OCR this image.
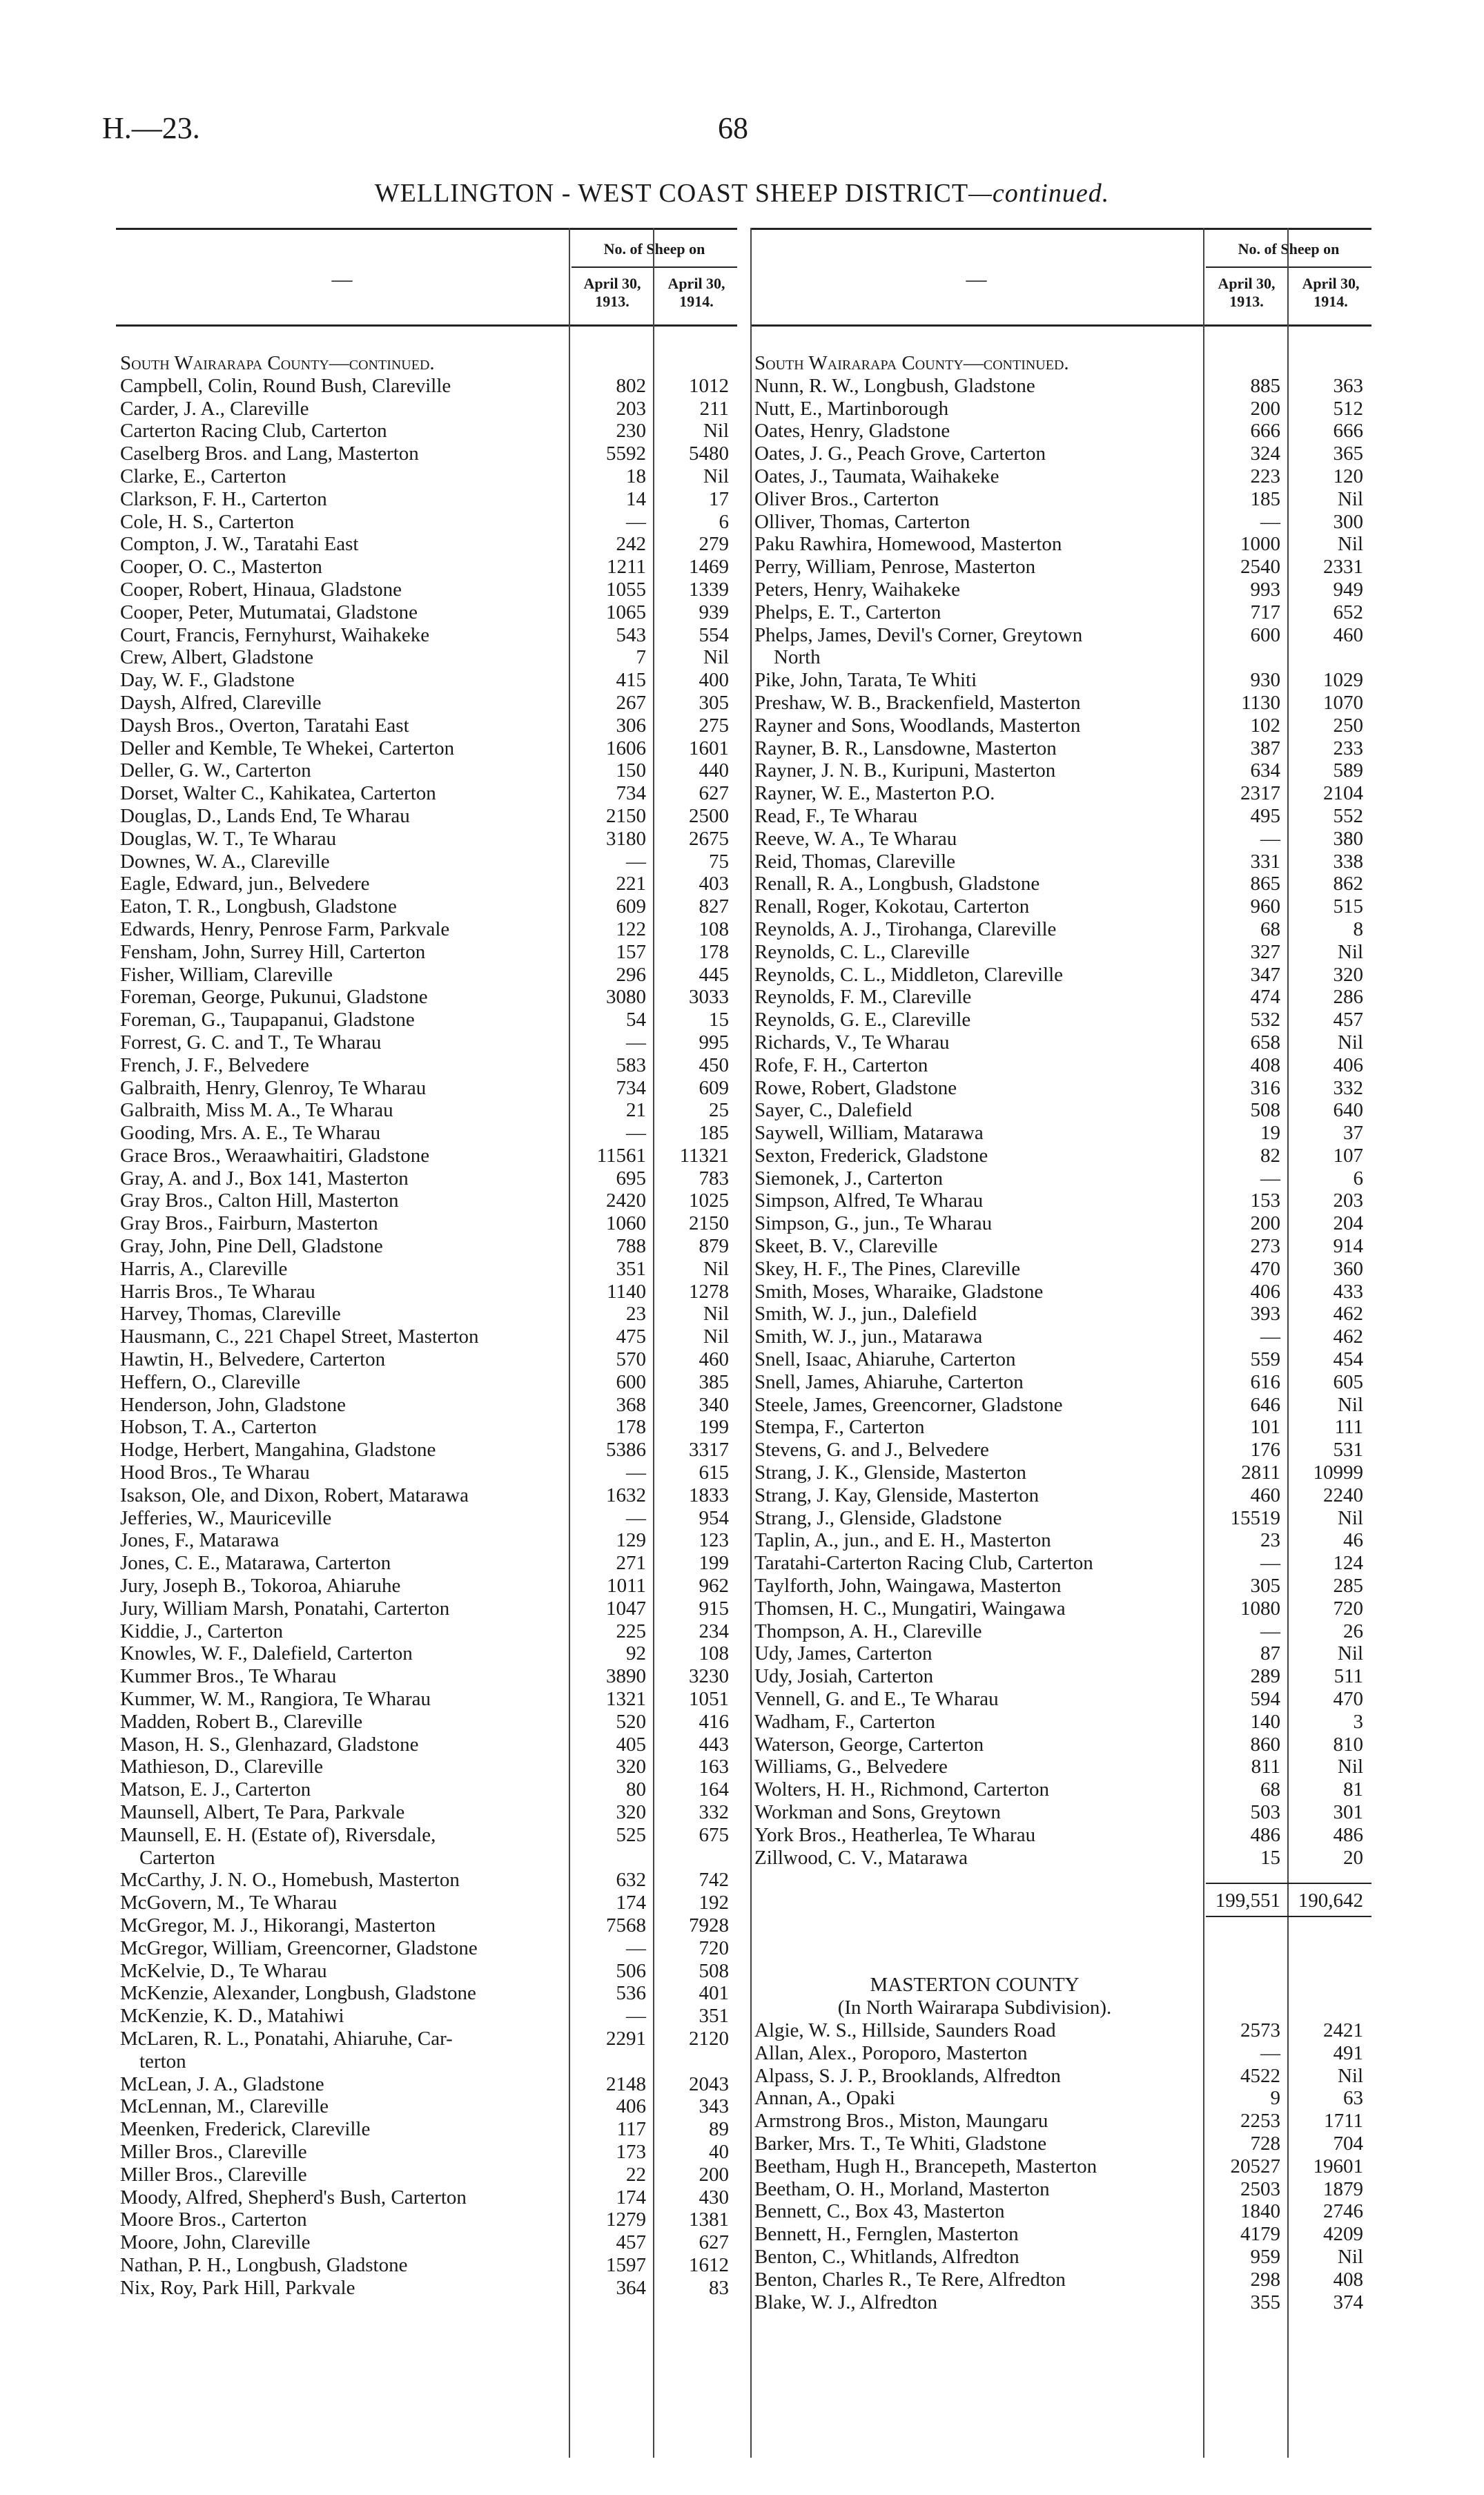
H.—23.	68
WELLINGTON - WEST COAST SHEEP DISTRICT—continued.
—
No. of Sheep on
April 30, 1913.
April 30, 1914.
South Wairarapa County—continued.
Campbell, Colin, Round Bush, Clareville	802	1012
Carder, J. A., Clareville	203	211
Carterton Racing Club, Carterton	230	Nil
Caselberg Bros. and Lang, Masterton	5592	5480
Clarke, E., Carterton	18	Nil
Clarkson, F. H., Carterton	14	17
Cole, H. S., Carterton	—	6
Compton, J. W., Taratahi East	242	279
Cooper, O. C., Masterton	1211	1469
Cooper, Robert, Hinaua, Gladstone	1055	1339
Cooper, Peter, Mutumatai, Gladstone	1065	939
Court, Francis, Fernyhurst, Waihakeke	543	554
Crew, Albert, Gladstone	7	Nil
Day, W. F., Gladstone	415	400
Daysh, Alfred, Clareville	267	305
Daysh Bros., Overton, Taratahi East	306	275
Deller and Kemble, Te Whekei, Carterton	1606	1601
Deller, G. W., Carterton	150	440
Dorset, Walter C., Kahikatea, Carterton	734	627
Douglas, D., Lands End, Te Wharau	2150	2500
Douglas, W. T., Te Wharau	3180	2675
Downes, W. A., Clareville	—	75
Eagle, Edward, jun., Belvedere	221	403
Eaton, T. R., Longbush, Gladstone	609	827
Edwards, Henry, Penrose Farm, Parkvale	122	108
Fensham, John, Surrey Hill, Carterton	157	178
Fisher, William, Clareville	296	445
Foreman, George, Pukunui, Gladstone	3080	3033
Foreman, G., Taupapanui, Gladstone	54	15
Forrest, G. C. and T., Te Wharau	—	995
French, J. F., Belvedere	583	450
Galbraith, Henry, Glenroy, Te Wharau	734	609
Galbraith, Miss M. A., Te Wharau	21	25
Gooding, Mrs. A. E., Te Wharau	—	185
Grace Bros., Weraawhaitiri, Gladstone	11561	11321
Gray, A. and J., Box 141, Masterton	695	783
Gray Bros., Calton Hill, Masterton	2420	1025
Gray Bros., Fairburn, Masterton	1060	2150
Gray, John, Pine Dell, Gladstone	788	879
Harris, A., Clareville	351	Nil
Harris Bros., Te Wharau	1140	1278
Harvey, Thomas, Clareville	23	Nil
Hausmann, C., 221 Chapel Street, Masterton	475	Nil
Hawtin, H., Belvedere, Carterton	570	460
Heffern, O., Clareville	600	385
Henderson, John, Gladstone	368	340
Hobson, T. A., Carterton	178	199
Hodge, Herbert, Mangahina, Gladstone	5386	3317
Hood Bros., Te Wharau	—	615
Isakson, Ole, and Dixon, Robert, Matarawa	1632	1833
Jefferies, W., Mauriceville	—	954
Jones, F., Matarawa	129	123
Jones, C. E., Matarawa, Carterton	271	199
Jury, Joseph B., Tokoroa, Ahiaruhe	1011	962
Jury, William Marsh, Ponatahi, Carterton	1047	915
Kiddie, J., Carterton	225	234
Knowles, W. F., Dalefield, Carterton	92	108
Kummer Bros., Te Wharau	3890	3230
Kummer, W. M., Rangiora, Te Wharau	1321	1051
Madden, Robert B., Clareville	520	416
Mason, H. S., Glenhazard, Gladstone	405	443
Mathieson, D., Clareville	320	163
Matson, E. J., Carterton	80	164
Maunsell, Albert, Te Para, Parkvale	320	332
Maunsell, E. H. (Estate of), Riversdale,	525	675
Carterton
McCarthy, J. N. O., Homebush, Masterton	632	742
McGovern, M., Te Wharau	174	192
McGregor, M. J., Hikorangi, Masterton	7568	7928
McGregor, William, Greencorner, Gladstone	—	720
McKelvie, D., Te Wharau	506	508
McKenzie, Alexander, Longbush, Gladstone	536	401
McKenzie, K. D., Matahiwi	—	351
McLaren, R. L., Ponatahi, Ahiaruhe, Car-	2291	2120
terton
McLean, J. A., Gladstone	2148	2043
McLennan, M., Clareville	406	343
Meenken, Frederick, Clareville	117	89
Miller Bros., Clareville	173	40
Miller Bros., Clareville	22	200
Moody, Alfred, Shepherd's Bush, Carterton	174	430
Moore Bros., Carterton	1279	1381
Moore, John, Clareville	457	627
Nathan, P. H., Longbush, Gladstone	1597	1612
Nix, Roy, Park Hill, Parkvale	364	83
—
No. of Sheep on
April 30, 1913.
April 30, 1914.
South Wairarapa County—continued.
Nunn, R. W., Longbush, Gladstone	885	363
Nutt, E., Martinborough	200	512
Oates, Henry, Gladstone	666	666
Oates, J. G., Peach Grove, Carterton	324	365
Oates, J., Taumata, Waihakeke	223	120
Oliver Bros., Carterton	185	Nil
Olliver, Thomas, Carterton	—	300
Paku Rawhira, Homewood, Masterton	1000	Nil
Perry, William, Penrose, Masterton	2540	2331
Peters, Henry, Waihakeke	993	949
Phelps, E. T., Carterton	717	652
Phelps, James, Devil's Corner, Greytown	600	460
North
Pike, John, Tarata, Te Whiti	930	1029
Preshaw, W. B., Brackenfield, Masterton	1130	1070
Rayner and Sons, Woodlands, Masterton	102	250
Rayner, B. R., Lansdowne, Masterton	387	233
Rayner, J. N. B., Kuripuni, Masterton	634	589
Rayner, W. E., Masterton P.O.	2317	2104
Read, F., Te Wharau	495	552
Reeve, W. A., Te Wharau	—	380
Reid, Thomas, Clareville	331	338
Renall, R. A., Longbush, Gladstone	865	862
Renall, Roger, Kokotau, Carterton	960	515
Reynolds, A. J., Tirohanga, Clareville	68	8
Reynolds, C. L., Clareville	327	Nil
Reynolds, C. L., Middleton, Clareville	347	320
Reynolds, F. M., Clareville	474	286
Reynolds, G. E., Clareville	532	457
Richards, V., Te Wharau	658	Nil
Rofe, F. H., Carterton	408	406
Rowe, Robert, Gladstone	316	332
Sayer, C., Dalefield	508	640
Saywell, William, Matarawa	19	37
Sexton, Frederick, Gladstone	82	107
Siemonek, J., Carterton	—	6
Simpson, Alfred, Te Wharau	153	203
Simpson, G., jun., Te Wharau	200	204
Skeet, B. V., Clareville	273	914
Skey, H. F., The Pines, Clareville	470	360
Smith, Moses, Wharaike, Gladstone	406	433
Smith, W. J., jun., Dalefield	393	462
Smith, W. J., jun., Matarawa	—	462
Snell, Isaac, Ahiaruhe, Carterton	559	454
Snell, James, Ahiaruhe, Carterton	616	605
Steele, James, Greencorner, Gladstone	646	Nil
Stempa, F., Carterton	101	111
Stevens, G. and J., Belvedere	176	531
Strang, J. K., Glenside, Masterton	2811	10999
Strang, J. Kay, Glenside, Masterton	460	2240
Strang, J., Glenside, Gladstone	15519	Nil
Taplin, A., jun., and E. H., Masterton	23	46
Taratahi-Carterton Racing Club, Carterton	—	124
Taylforth, John, Waingawa, Masterton	305	285
Thomsen, H. C., Mungatiri, Waingawa	1080	720
Thompson, A. H., Clareville	—	26
Udy, James, Carterton	87	Nil
Udy, Josiah, Carterton	289	511
Vennell, G. and E., Te Wharau	594	470
Wadham, F., Carterton	140	3
Waterson, George, Carterton	860	810
Williams, G., Belvedere	811	Nil
Wolters, H. H., Richmond, Carterton	68	81
Workman and Sons, Greytown	503	301
York Bros., Heatherlea, Te Wharau	486	486
Zillwood, C. V., Matarawa	15	20
199,551 190,642
MASTERTON COUNTY
(In North Wairarapa Subdivision).
Algie, W. S., Hillside, Saunders Road	2573	2421
Allan, Alex., Poroporo, Masterton	—	491
Alpass, S. J. P., Brooklands, Alfredton	4522	Nil
Annan, A., Opaki	9	63
Armstrong Bros., Miston, Maungaru	2253	1711
Barker, Mrs. T., Te Whiti, Gladstone	728	704
Beetham, Hugh H., Brancepeth, Masterton	20527	19601
Beetham, O. H., Morland, Masterton	2503	1879
Bennett, C., Box 43, Masterton	1840	2746
Bennett, H., Fernglen, Masterton	4179	4209
Benton, C., Whitlands, Alfredton	959	Nil
Benton, Charles R., Te Rere, Alfredton	298	408
Blake, W. J., Alfredton	355	374
